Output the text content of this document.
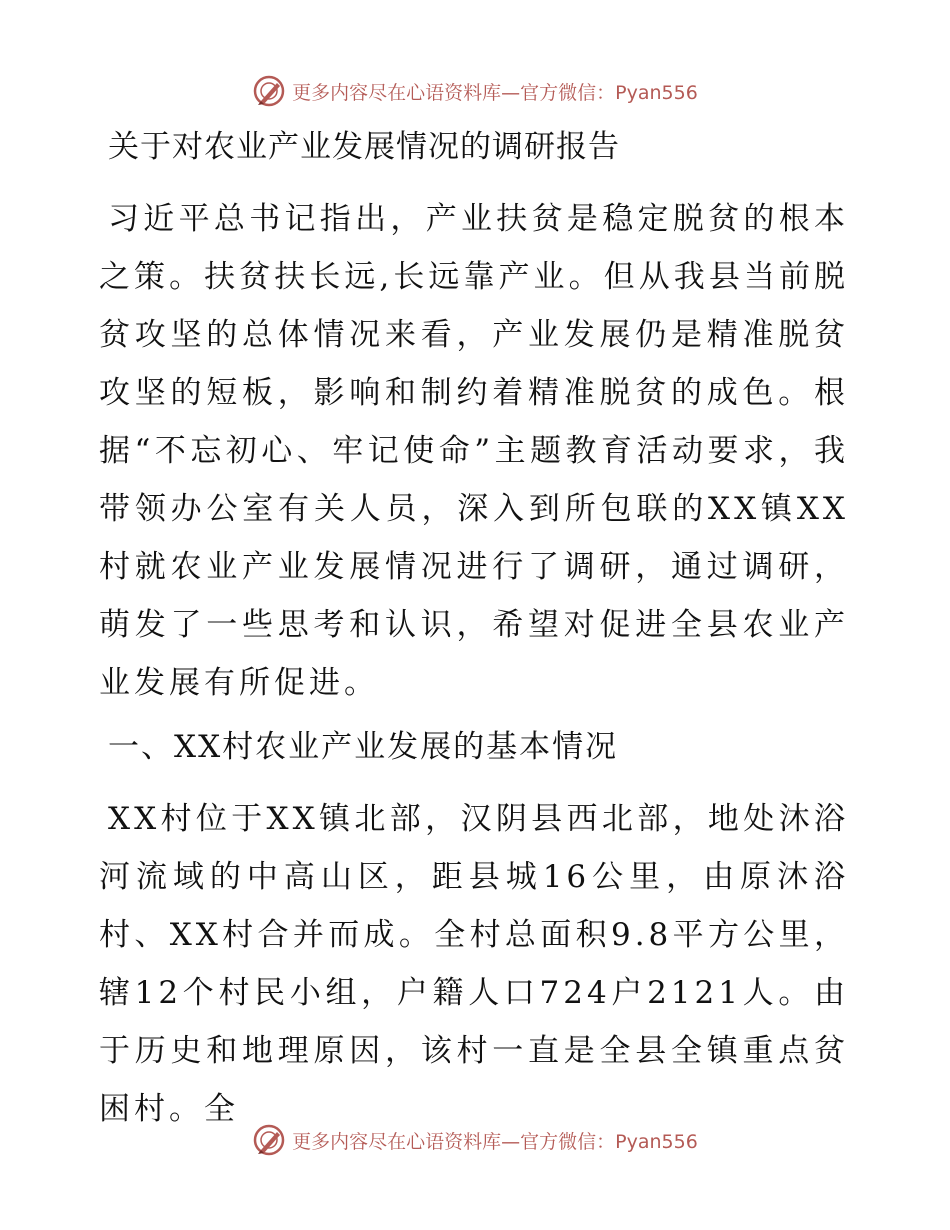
更多内容尽在心语资料库—官方微信：Pyan556
关于对农业产业发展情况的调研报告

习近平总书记指出，产业扶贫是稳定脱贫的根本之策。扶贫扶长远,长远靠产业。但从我县当前脱贫攻坚的总体情况来看，产业发展仍是精准脱贫攻坚的短板，影响和制约着精准脱贫的成色。根据“不忘初心、牢记使命”主题教育活动要求，我带领办公室有关人员，深入到所包联的XX镇XX村就农业产业发展情况进行了调研，通过调研，萌发了一些思考和认识，希望对促进全县农业产业发展有所促进。

一、XX村农业产业发展的基本情况

XX村位于XX镇北部，汉阴县西北部，地处沐浴河流域的中高山区，距县城16公里，由原沐浴村、XX村合并而成。全村总面积9.8平方公里，辖12个村民小组，户籍人口724户2121人。由于历史和地理原因，该村一直是全县全镇重点贫困村。全

更多内容尽在心语资料库—官方微信：Pyan556
